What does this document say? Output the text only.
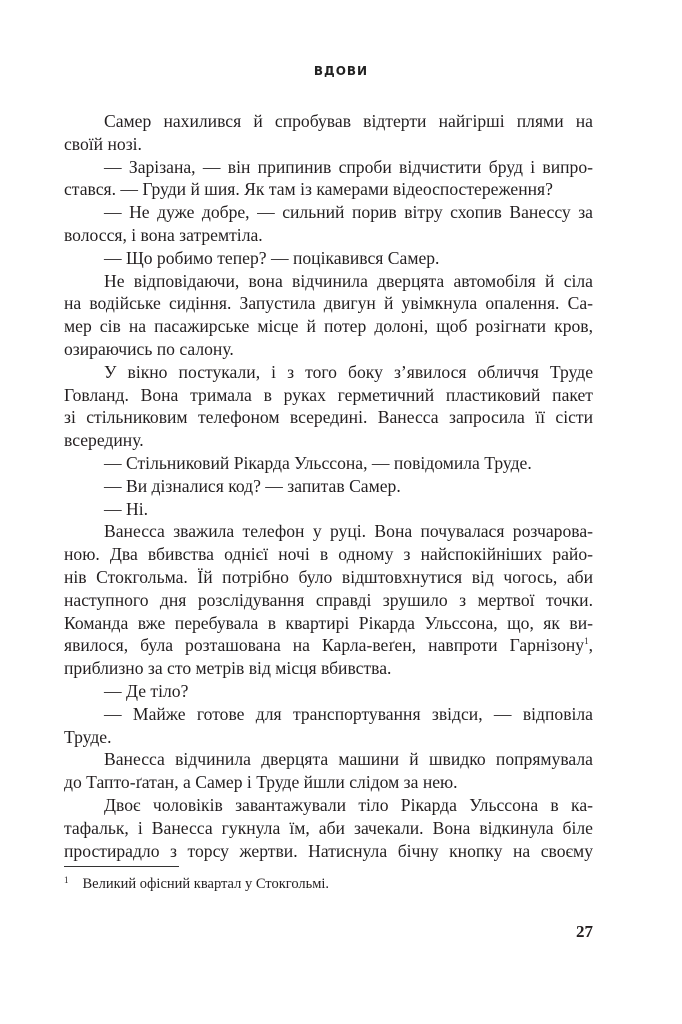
ВДОВИ
Самер нахилився й спробував відтерти найгірші плями на
своїй нозі.
— Зарізана, — він припинив спроби відчистити бруд і випро-
стався. — Груди й шия. Як там із камерами відеоспостереження?
— Не дуже добре, — сильний порив вітру схопив Ванессу за
волосся, і вона затремтіла.
— Що робимо тепер? — поцікавився Самер.
Не відповідаючи, вона відчинила дверцята автомобіля й сіла
на водійське сидіння. Запустила двигун й увімкнула опалення. Са-
мер сів на пасажирське місце й потер долоні, щоб розігнати кров,
озираючись по салону.
У вікно постукали, і з того боку з’явилося обличчя Труде
Говланд. Вона тримала в руках герметичний пластиковий пакет
зі стільниковим телефоном всередині. Ванесса запросила її сісти
всередину.
— Стільниковий Рікарда Ульссона, — повідомила Труде.
— Ви дізналися код? — запитав Самер.
— Ні.
Ванесса зважила телефон у руці. Вона почувалася розчарова-
ною. Два вбивства однієї ночі в одному з найспокійніших райо-
нів Стокгольма. Їй потрібно було відштовхнутися від чогось, аби
наступного дня розслідування справді зрушило з мертвої точки.
Команда вже перебувала в квартирі Рікарда Ульссона, що, як ви-
явилося, була розташована на Карла-веґен, навпроти Гарнізону$^1$,
приблизно за сто метрів від місця вбивства.
— Де тіло?
— Майже готове для транспортування звідси, — відповіла
Труде.
Ванесса відчинила дверцята машини й швидко попрямувала
до Тапто-ґатан, а Самер і Труде йшли слідом за нею.
Двоє чоловіків завантажували тіло Рікарда Ульссона в ка-
тафальк, і Ванесса гукнула їм, аби зачекали. Вона відкинула біле
простирадло з торсу жертви. Натиснула бічну кнопку на своєму
$^1$ Великий офісний квартал у Стокгольмі.
27
